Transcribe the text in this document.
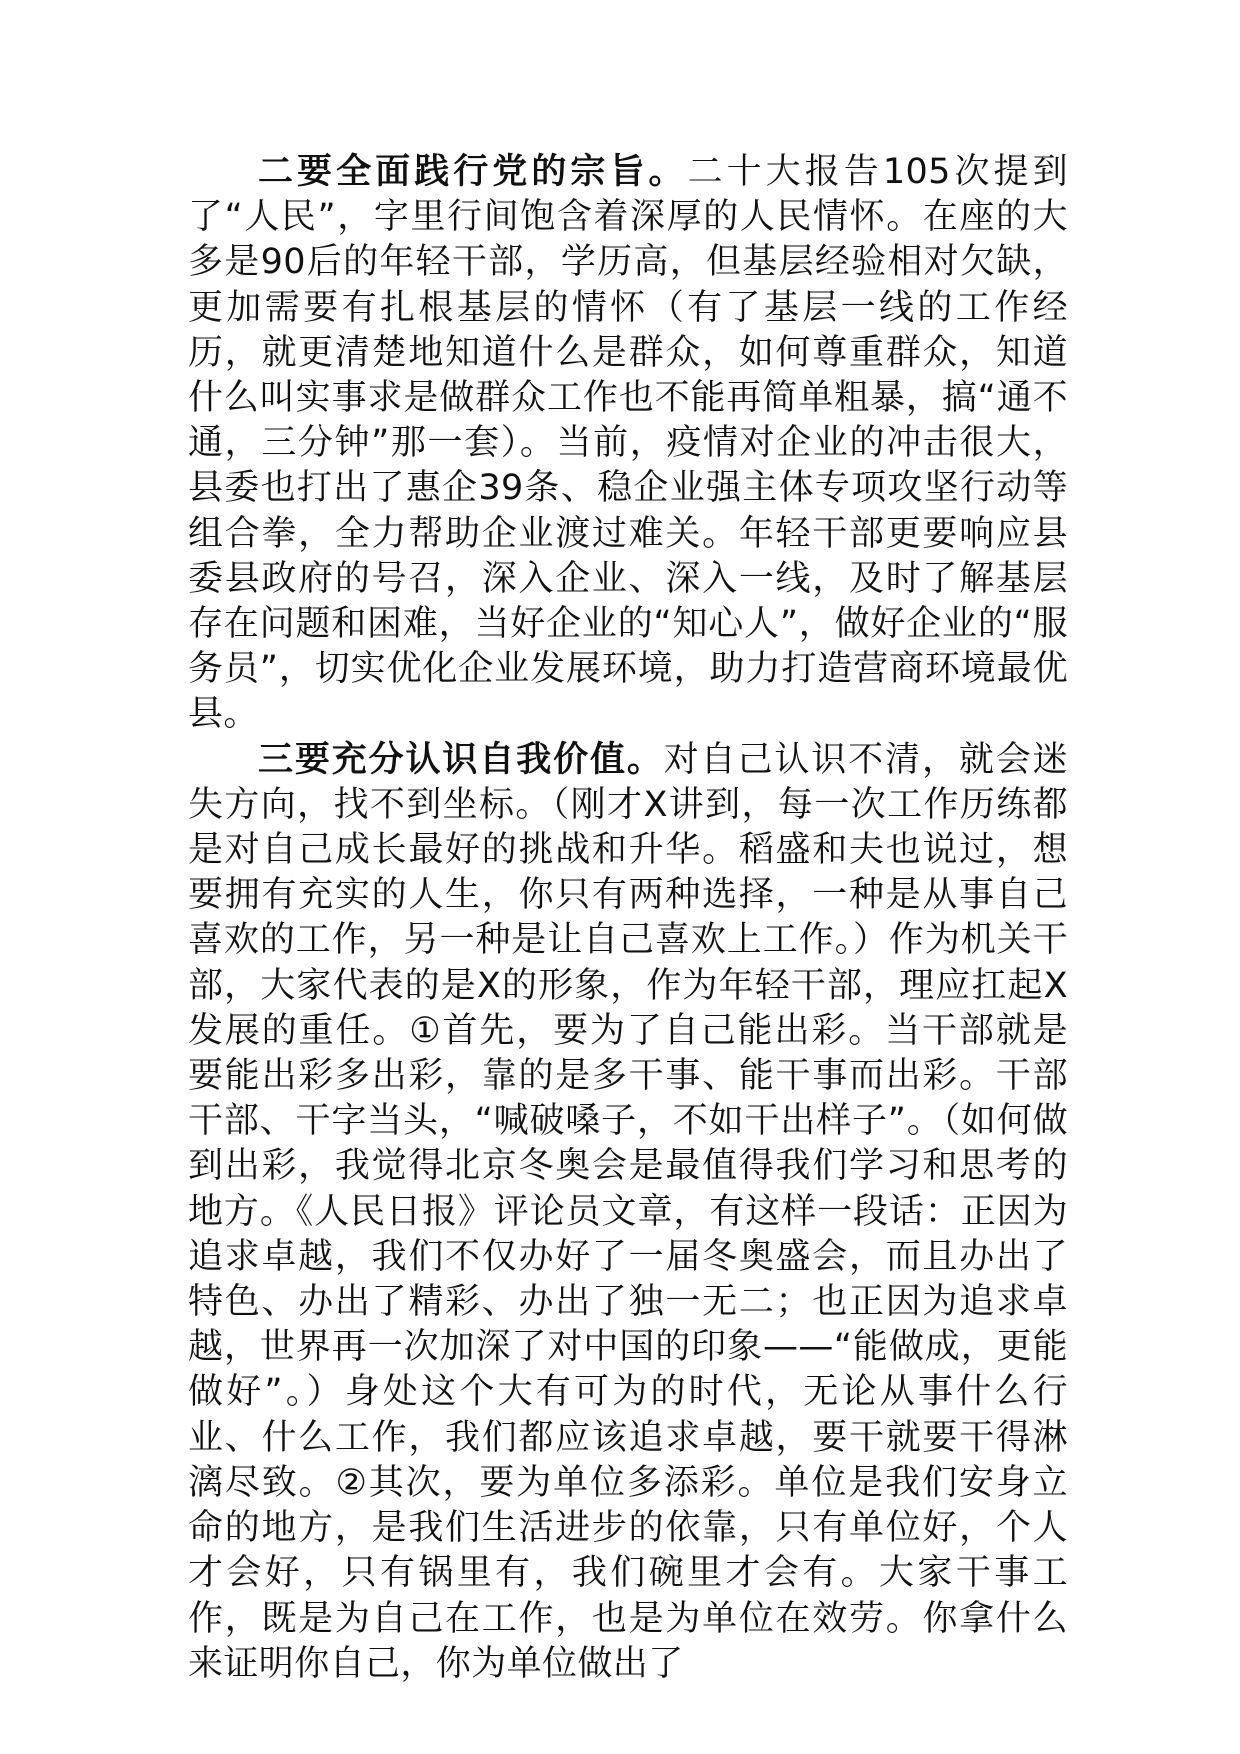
二要全面践行党的宗旨。二十大报告105次提到了“人民”，字里行间饱含着深厚的人民情怀。在座的大多是90后的年轻干部，学历高，但基层经验相对欠缺，更加需要有扎根基层的情怀（有了基层一线的工作经历，就更清楚地知道什么是群众，如何尊重群众，知道什么叫实事求是做群众工作也不能再简单粗暴，搞“通不通，三分钟”那一套）。当前，疫情对企业的冲击很大，县委也打出了惠企39条、稳企业强主体专项攻坚行动等组合拳，全力帮助企业渡过难关。年轻干部更要响应县委县政府的号召，深入企业、深入一线，及时了解基层存在问题和困难，当好企业的“知心人”，做好企业的“服务员”，切实优化企业发展环境，助力打造营商环境最优县。

三要充分认识自我价值。对自己认识不清，就会迷失方向，找不到坐标。（刚才X讲到，每一次工作历练都是对自己成长最好的挑战和升华。稻盛和夫也说过，想要拥有充实的人生，你只有两种选择，一种是从事自己喜欢的工作，另一种是让自己喜欢上工作。）作为机关干部，大家代表的是X的形象，作为年轻干部，理应扛起X发展的重任。①首先，要为了自己能出彩。当干部就是要能出彩多出彩，靠的是多干事、能干事而出彩。干部干部、干字当头，“喊破嗓子，不如干出样子”。（如何做到出彩，我觉得北京冬奥会是最值得我们学习和思考的地方。《人民日报》评论员文章，有这样一段话：正因为追求卓越，我们不仅办好了一届冬奥盛会，而且办出了特色、办出了精彩、办出了独一无二；也正因为追求卓越，世界再一次加深了对中国的印象——“能做成，更能做好”。）身处这个大有可为的时代，无论从事什么行业、什么工作，我们都应该追求卓越，要干就要干得淋漓尽致。②其次，要为单位多添彩。单位是我们安身立命的地方，是我们生活进步的依靠，只有单位好，个人才会好，只有锅里有，我们碗里才会有。大家干事工作，既是为自己在工作，也是为单位在效劳。你拿什么来证明你自己，你为单位做出了
